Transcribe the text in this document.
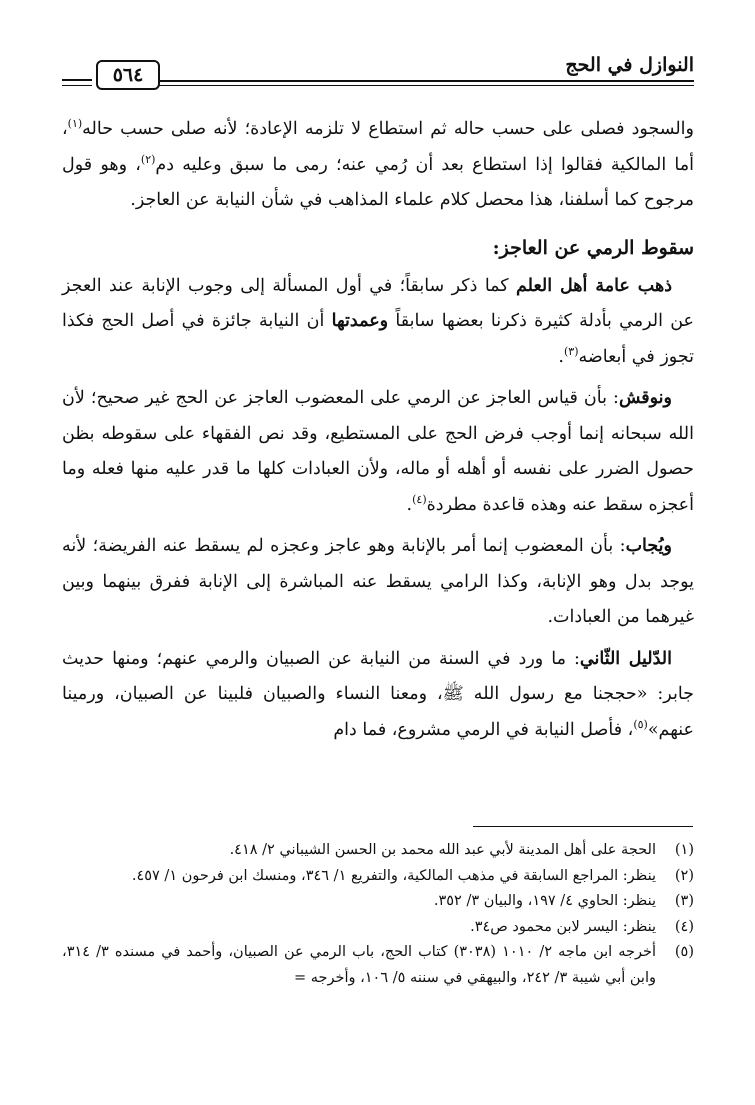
النوازل في الحج
٥٦٤

والسجود فصلى على حسب حاله ثم استطاع لا تلزمه الإعادة؛ لأنه صلى حسب حاله$^{(١)}$، أما المالكية فقالوا إذا استطاع بعد أن رُمي عنه؛ رمى ما سبق وعليه دم$^{(٢)}$، وهو قول مرجوح كما أسلفنا، هذا محصل كلام علماء المذاهب في شأن النيابة عن العاجز.

سقوط الرمي عن العاجز:

ذهب عامة أهل العلم كما ذكر سابقاً؛ في أول المسألة إلى وجوب الإنابة عند العجز عن الرمي بأدلة كثيرة ذكرنا بعضها سابقاً وعمدتها أن النيابة جائزة في أصل الحج فكذا تجوز في أبعاضه$^{(٣)}$.

ونوقش: بأن قياس العاجز عن الرمي على المعضوب العاجز عن الحج غير صحيح؛ لأن الله سبحانه إنما أوجب فرض الحج على المستطيع، وقد نص الفقهاء على سقوطه بظن حصول الضرر على نفسه أو أهله أو ماله، ولأن العبادات كلها ما قدر عليه منها فعله وما أعجزه سقط عنه وهذه قاعدة مطردة$^{(٤)}$.

ويُجاب: بأن المعضوب إنما أمر بالإنابة وهو عاجز وعجزه لم يسقط عنه الفريضة؛ لأنه يوجد بدل وهو الإنابة، وكذا الرامي يسقط عنه المباشرة إلى الإنابة ففرق بينهما وبين غيرهما من العبادات.

الدّليل الثّاني: ما ورد في السنة من النيابة عن الصبيان والرمي عنهم؛ ومنها حديث جابر: «حججنا مع رسول الله ﷺ، ومعنا النساء والصبيان فلبينا عن الصبيان، ورمينا عنهم»$^{(٥)}$، فأصل النيابة في الرمي مشروع، فما دام

(١)
الحجة على أهل المدينة لأبي عبد الله محمد بن الحسن الشيباني ٢/ ٤١٨.
(٢)
ينظر: المراجع السابقة في مذهب المالكية، والتفريع ١/ ٣٤٦، ومنسك ابن فرحون ١/ ٤٥٧.
(٣)
ينظر: الحاوي ٤/ ١٩٧، والبيان ٣/ ٣٥٢.
(٤)
ينظر: اليسر لابن محمود ص٣٤.
(٥)
أخرجه ابن ماجه ٢/ ١٠١٠ (٣٠٣٨) كتاب الحج، باب الرمي عن الصبيان، وأحمد في مسنده ٣/ ٣١٤، وابن أبي شيبة ٣/ ٢٤٢، والبيهقي في سننه ٥/ ١٠٦، وأخرجه =
